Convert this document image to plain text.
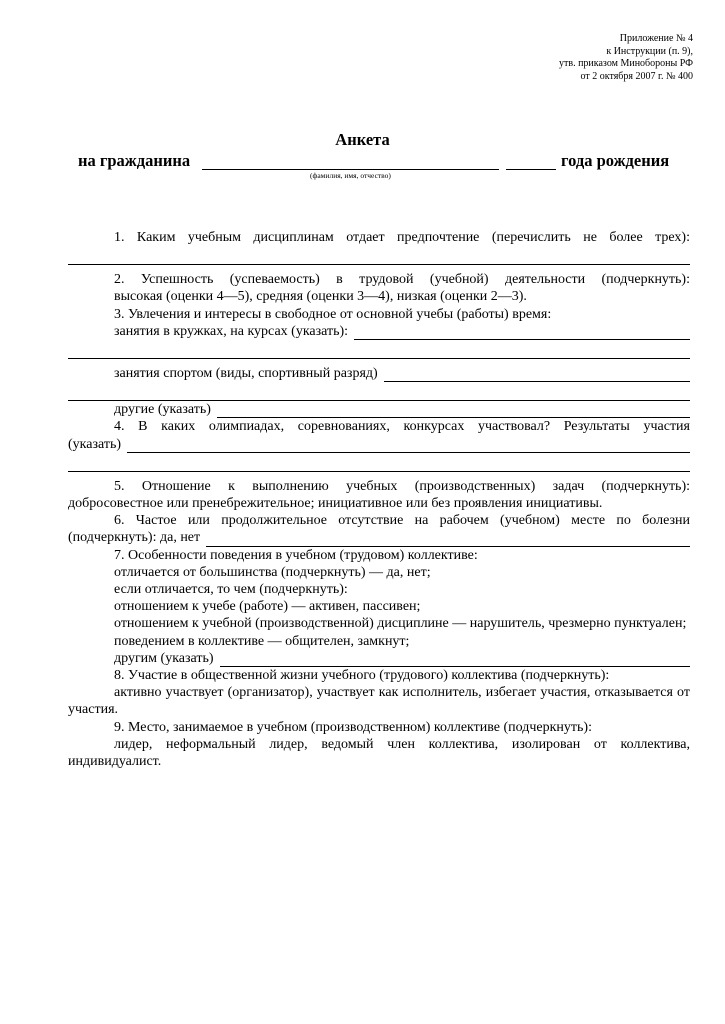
Приложение № 4
к Инструкции (п. 9),
утв. приказом Минобороны РФ
от 2 октября 2007 г. № 400
Анкета
на гражданина	года рождения
(фамилия, имя, отчество)

1. Каким учебным дисциплинам отдает предпочтение (перечислить не более трех):

2. Успешность (успеваемость) в трудовой (учебной) деятельности (подчеркнуть):

высокая (оценки 4—5), средняя (оценки 3—4), низкая (оценки 2—3).

3. Увлечения и интересы в свободное от основной учебы (работы) время:

занятия в кружках, на курсах (указать):
занятия спортом (виды, спортивный разряд)
другие (указать)

4. В каких олимпиадах, соревнованиях, конкурсах участвовал? Результаты участия

(указать)

5. Отношение к выполнению учебных (производственных) задач (подчеркнуть):

добросовестное или пренебрежительное; инициативное или без проявления инициативы.

6. Частое или продолжительное отсутствие на рабочем (учебном) месте по болезни

(подчеркнуть): да, нет

7. Особенности поведения в учебном (трудовом) коллективе:

отличается от большинства (подчеркнуть) — да, нет;

если отличается, то чем (подчеркнуть):

отношением к учебе (работе) — активен, пассивен;

отношением к учебной (производственной) дисциплине — нарушитель, чрезмерно пунктуален;

поведением в коллективе — общителен, замкнут;

другим (указать)

8. Участие в общественной жизни учебного (трудового) коллектива (подчеркнуть):

активно участвует (организатор), участвует как исполнитель, избегает участия, отказывается от участия.

9. Место, занимаемое в учебном (производственном) коллективе (подчеркнуть):

лидер, неформальный лидер, ведомый член коллектива, изолирован от коллектива, индивидуалист.
